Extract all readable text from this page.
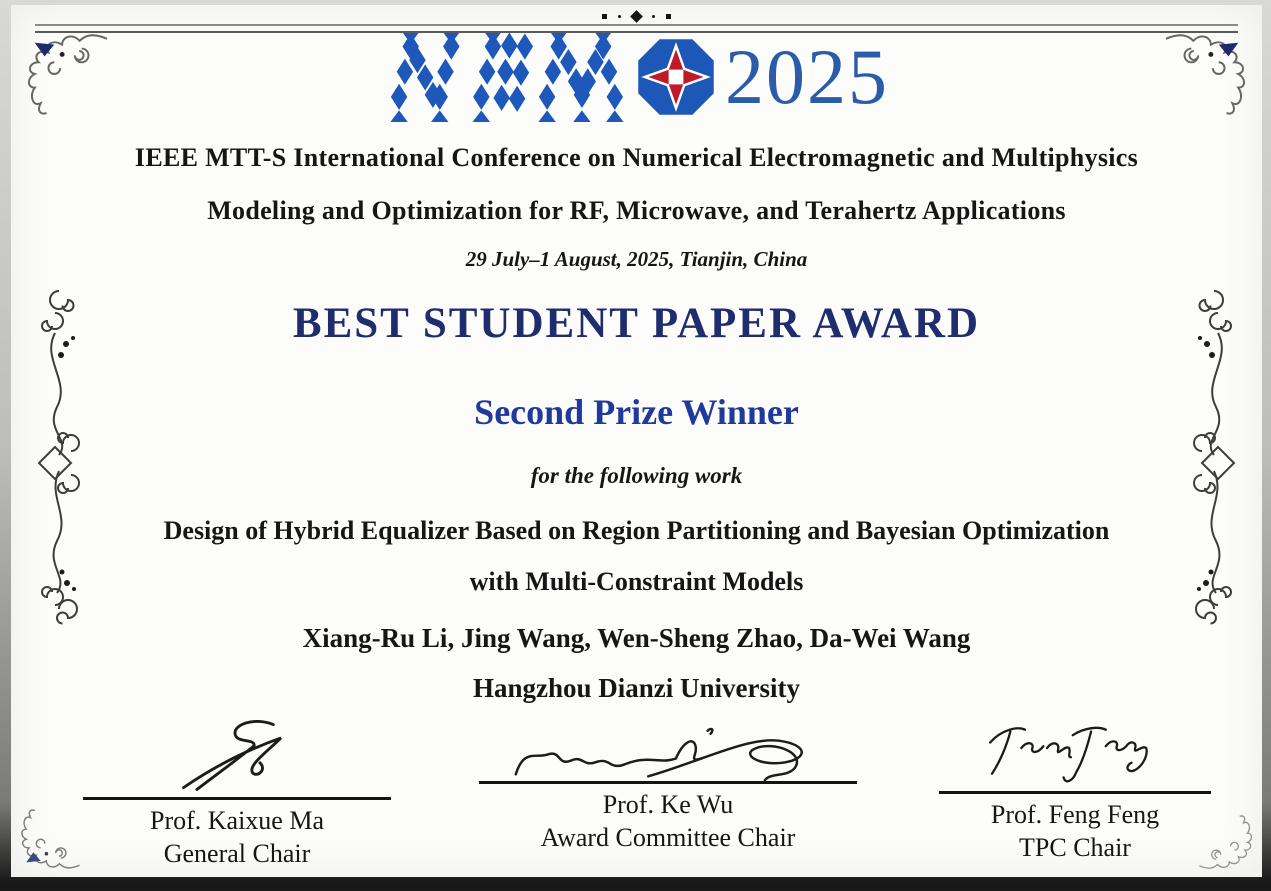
2025
IEEE MTT-S International Conference on Numerical Electromagnetic and Multiphysics
Modeling and Optimization for RF, Microwave, and Terahertz Applications
29 July–1 August, 2025, Tianjin, China
BEST STUDENT PAPER AWARD
Second Prize Winner
for the following work
Design of Hybrid Equalizer Based on Region Partitioning and Bayesian Optimization
with Multi-Constraint Models
Xiang-Ru Li, Jing Wang, Wen-Sheng Zhao, Da-Wei Wang
Hangzhou Dianzi University
Prof. Kaixue Ma
General Chair
Prof. Ke Wu
Award Committee Chair
Prof. Feng Feng
TPC Chair
